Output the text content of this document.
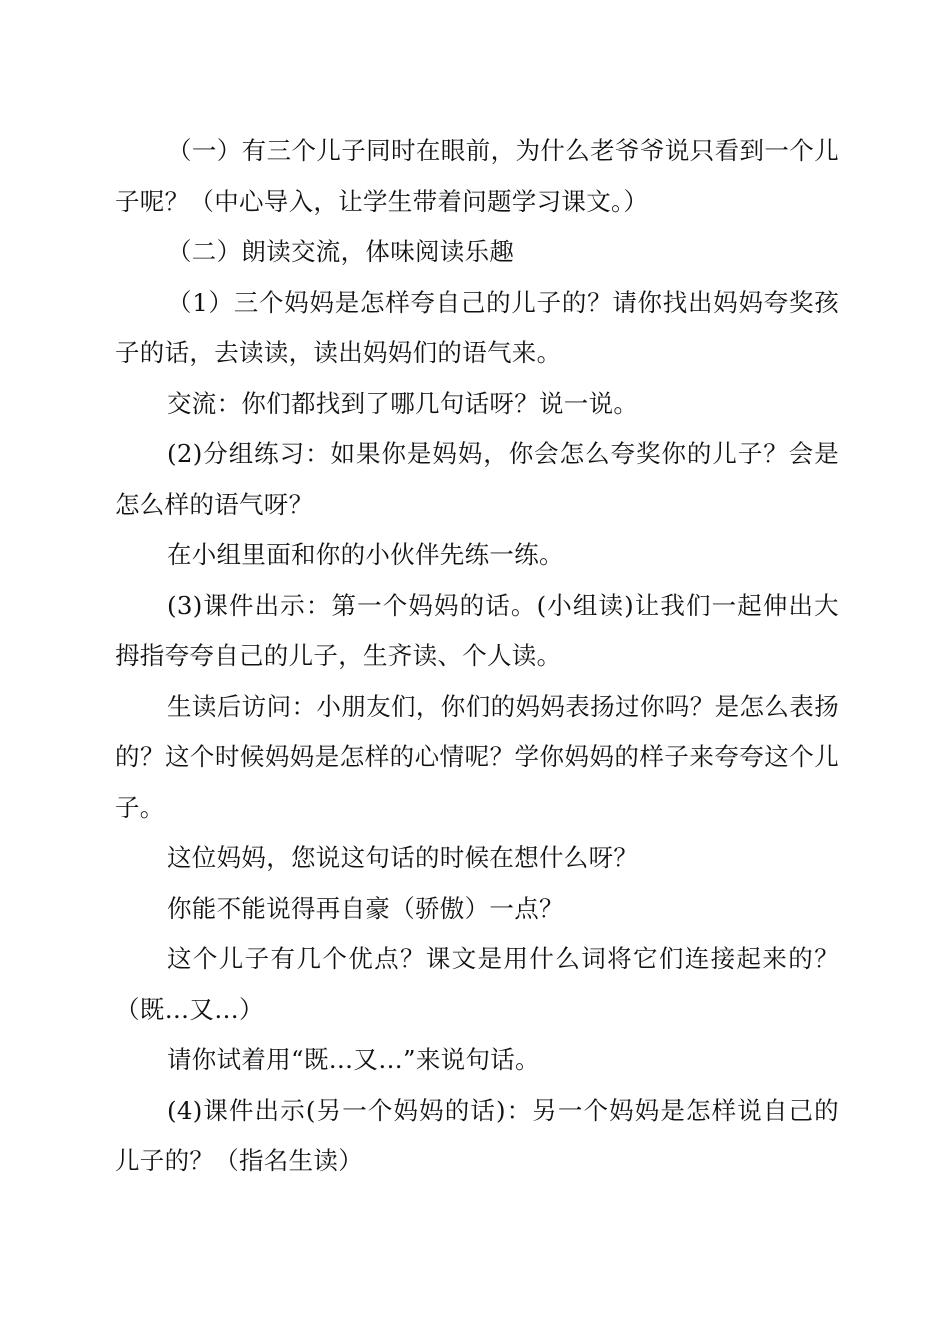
（一）有三个儿子同时在眼前，为什么老爷爷说只看到一个儿子呢？（中心导入，让学生带着问题学习课文。）

（二）朗读交流，体味阅读乐趣

（1）三个妈妈是怎样夸自己的儿子的？请你找出妈妈夸奖孩子的话，去读读，读出妈妈们的语气来。

交流：你们都找到了哪几句话呀？说一说。

(2)分组练习：如果你是妈妈，你会怎么夸奖你的儿子？会是怎么样的语气呀？

在小组里面和你的小伙伴先练一练。

(3)课件出示：第一个妈妈的话。(小组读)让我们一起伸出大拇指夸夸自己的儿子，生齐读、个人读。

生读后访问：小朋友们，你们的妈妈表扬过你吗？是怎么表扬的？这个时候妈妈是怎样的心情呢？学你妈妈的样子来夸夸这个儿子。

这位妈妈，您说这句话的时候在想什么呀？

你能不能说得再自豪（骄傲）一点？

这个儿子有几个优点？课文是用什么词将它们连接起来的？（既…又…）

请你试着用“既…又…”来说句话。

(4)课件出示(另一个妈妈的话)：另一个妈妈是怎样说自己的儿子的？（指名生读）
